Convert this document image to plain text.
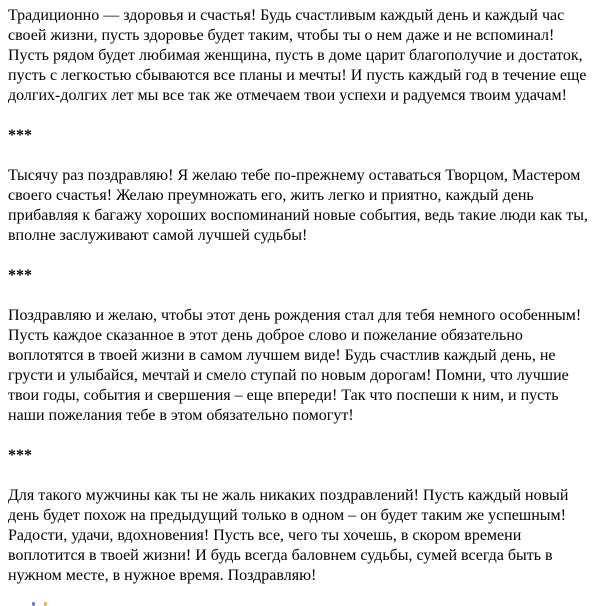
Традиционно — здоровья и счастья! Будь счастливым каждый день и каждый час своей жизни, пусть здоровье будет таким, чтобы ты о нем даже и не вспоминал! Пусть рядом будет любимая женщина, пусть в доме царит благополучие и достаток, пусть с легкостью сбываются все планы и мечты! И пусть каждый год в течение еще долгих-долгих лет мы все так же отмечаем твои успехи и радуемся твоим удачам!

***

Тысячу раз поздравляю! Я желаю тебе по-прежнему оставаться Творцом, Мастером своего счастья! Желаю преумножать его, жить легко и приятно, каждый день прибавляя к багажу хороших воспоминаний новые события, ведь такие люди как ты, вполне заслуживают самой лучшей судьбы!

***

Поздравляю и желаю, чтобы этот день рождения стал для тебя немного особенным! Пусть каждое сказанное в этот день доброе слово и пожелание обязательно воплотятся в твоей жизни в самом лучшем виде! Будь счастлив каждый день, не грусти и улыбайся, мечтай и смело ступай по новым дорогам! Помни, что лучшие твои годы, события и свершения – еще впереди! Так что поспеши к ним, и пусть наши пожелания тебе в этом обязательно помогут!

***

Для такого мужчины как ты не жаль никаких поздравлений! Пусть каждый новый день будет похож на предыдущий только в одном – он будет таким же успешным! Радости, удачи, вдохновения! Пусть все, чего ты хочешь, в скором времени воплотится в твоей жизни! И будь всегда баловнем судьбы, сумей всегда быть в нужном месте, в нужное время. Поздравляю!
